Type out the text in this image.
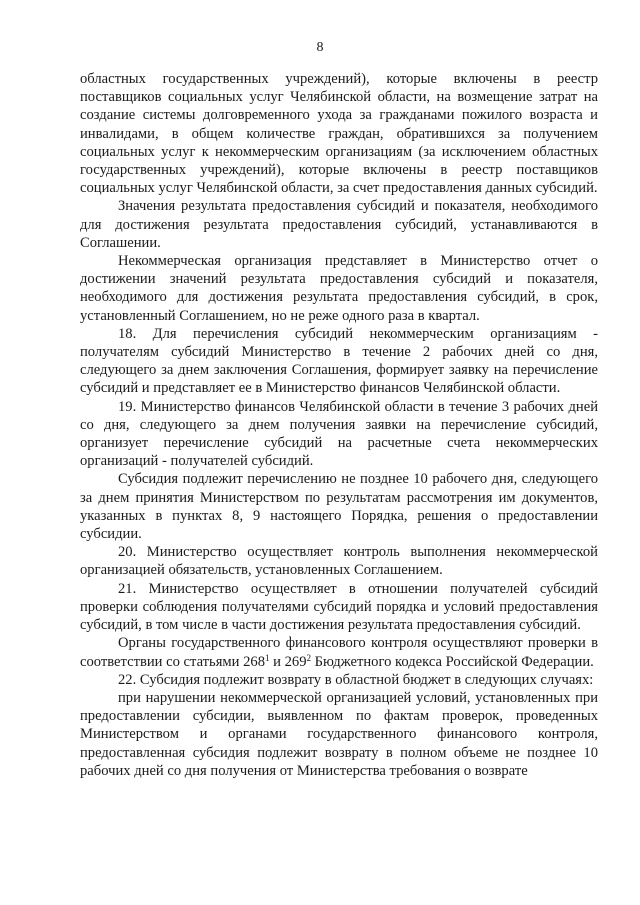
8

областных государственных учреждений), которые включены в реестр поставщиков социальных услуг Челябинской области, на возмещение затрат на создание системы долговременного ухода за гражданами пожилого возраста и инвалидами, в общем количестве граждан, обратившихся за получением социальных услуг к некоммерческим организациям (за исключением областных государственных учреждений), которые включены в реестр поставщиков социальных услуг Челябинской области, за счет предоставления данных субсидий.

Значения результата предоставления субсидий и показателя, необходимого для достижения результата предоставления субсидий, устанавливаются в Соглашении.

Некоммерческая организация представляет в Министерство отчет о достижении значений результата предоставления субсидий и показателя, необходимого для достижения результата предоставления субсидий, в срок, установленный Соглашением, но не реже одного раза в квартал.

18. Для перечисления субсидий некоммерческим организациям - получателям субсидий Министерство в течение 2 рабочих дней со дня, следующего за днем заключения Соглашения, формирует заявку на перечисление субсидий и представляет ее в Министерство финансов Челябинской области.

19. Министерство финансов Челябинской области в течение 3 рабочих дней со дня, следующего за днем получения заявки на перечисление субсидий, организует перечисление субсидий на расчетные счета некоммерческих организаций - получателей субсидий.

Субсидия подлежит перечислению не позднее 10 рабочего дня, следующего за днем принятия Министерством по результатам рассмотрения им документов, указанных в пунктах 8, 9 настоящего Порядка, решения о предоставлении субсидии.

20. Министерство осуществляет контроль выполнения некоммерческой организацией обязательств, установленных Соглашением.

21. Министерство осуществляет в отношении получателей субсидий проверки соблюдения получателями субсидий порядка и условий предоставления субсидий, в том числе в части достижения результата предоставления субсидий.

Органы государственного финансового контроля осуществляют проверки в соответствии со статьями $268^1$ и $269^2$ Бюджетного кодекса Российской Федерации.

22. Субсидия подлежит возврату в областной бюджет в следующих случаях:

при нарушении некоммерческой организацией условий, установленных при предоставлении субсидии, выявленном по фактам проверок, проведенных Министерством и органами государственного финансового контроля, предоставленная субсидия подлежит возврату в полном объеме не позднее 10 рабочих дней со дня получения от Министерства требования о возврате
